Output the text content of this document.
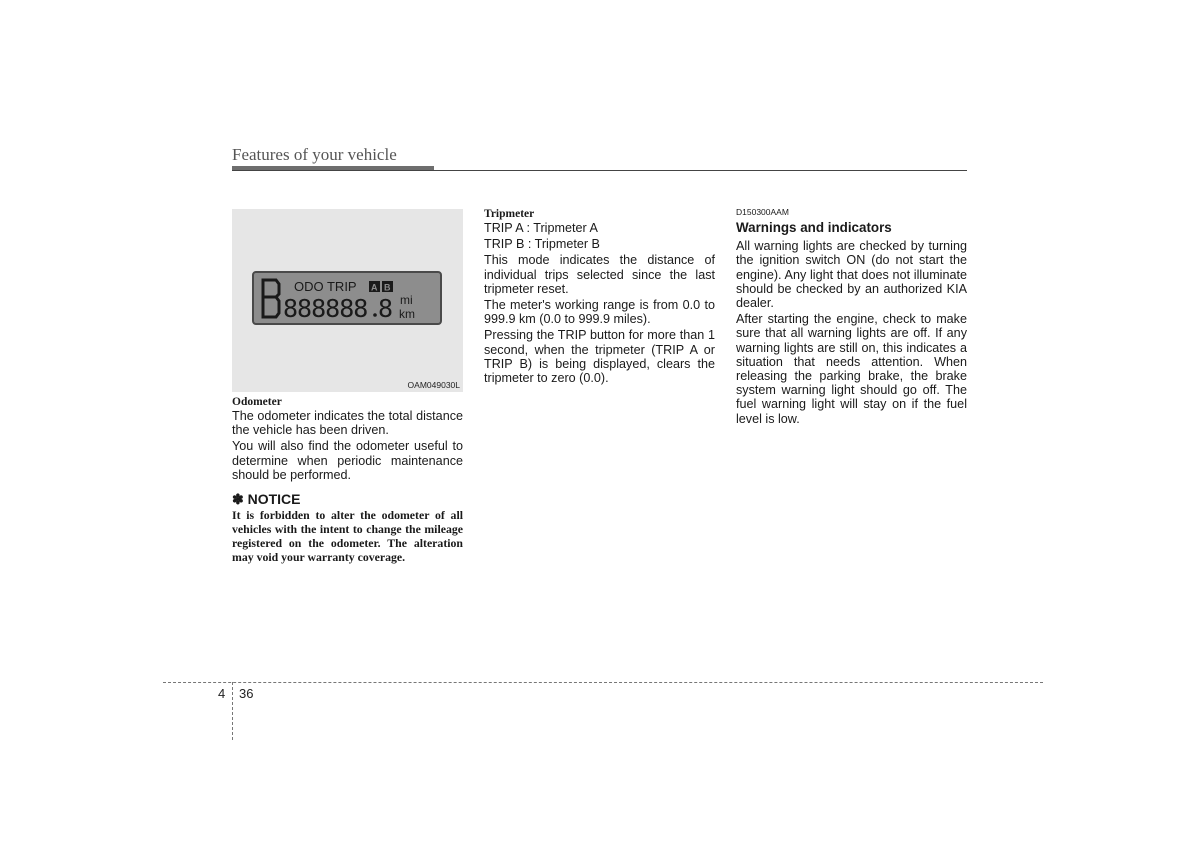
Features of your vehicle
ODO TRIP A B
888888 8 mi
km
OAM049030L
Odometer

The odometer indicates the total distance the vehicle has been driven.

You will also find the odometer useful to determine when periodic maintenance should be performed.

✽ NOTICE
It is forbidden to alter the odometer of all vehicles with the intent to change the mileage registered on the odometer. The alteration may void your warranty coverage.
Tripmeter

TRIP A : Tripmeter A

TRIP B : Tripmeter B

This mode indicates the distance of individual trips selected since the last tripmeter reset.

The meter's working range is from 0.0 to 999.9 km (0.0 to 999.9 miles).

Pressing the TRIP button for more than 1 second, when the tripmeter (TRIP A or TRIP B) is being displayed, clears the tripmeter to zero (0.0).

D150300AAM
Warnings and indicators

All warning lights are checked by turning the ignition switch ON (do not start the engine). Any light that does not illuminate should be checked by an authorized KIA dealer.

After starting the engine, check to make sure that all warning lights are off. If any warning lights are still on, this indicates a situation that needs attention. When releasing the parking brake, the brake system warning light should go off. The fuel warning light will stay on if the fuel level is low.

4 36
